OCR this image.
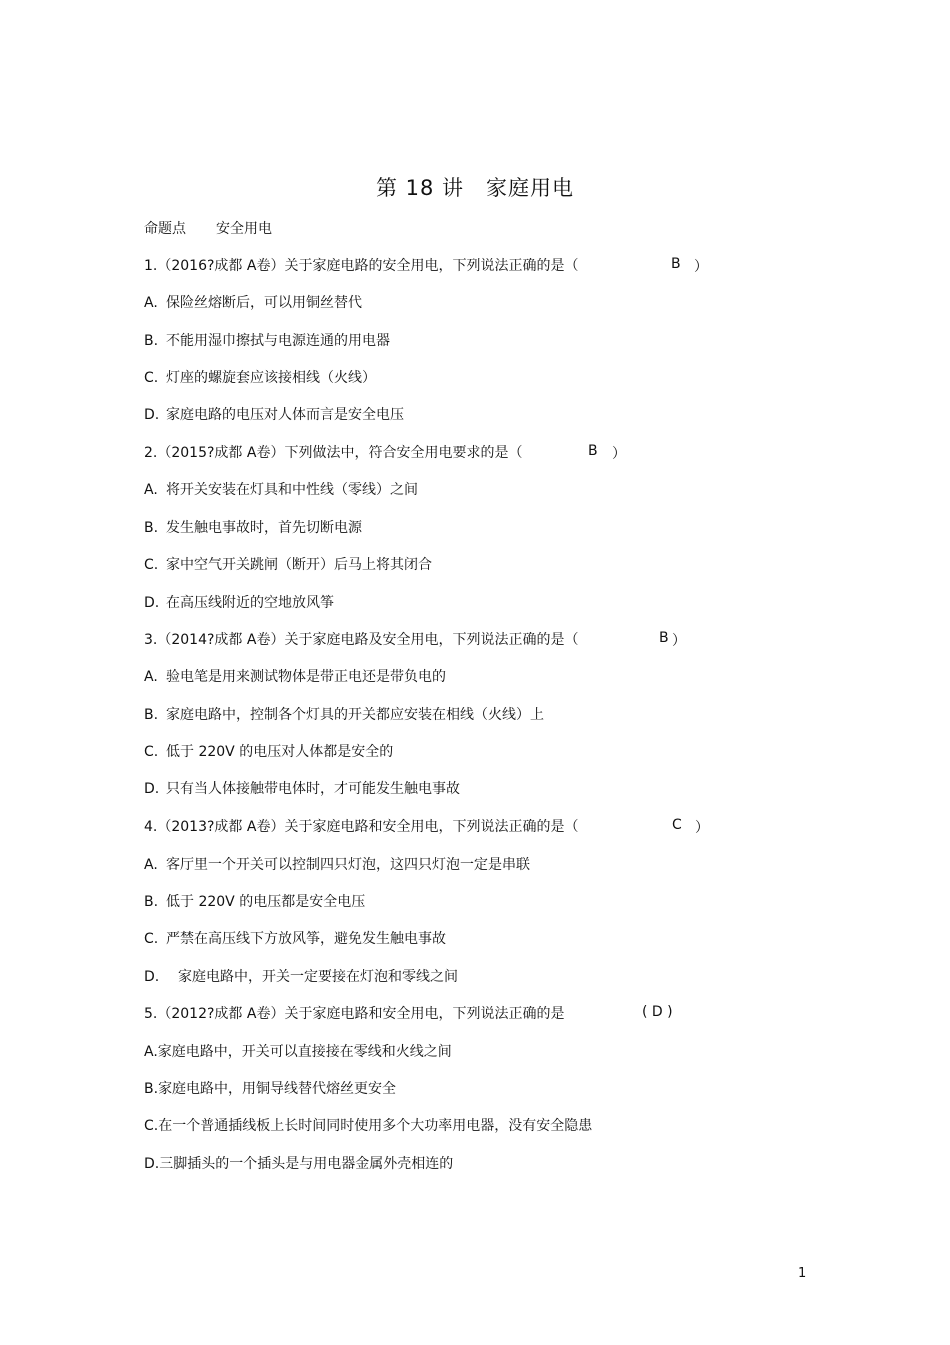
第 18 讲 家庭用电
命题点 安全用电
1.（2016?成都 A卷）关于家庭电路的安全用电，下列说法正确的是（	B ）
A. 保险丝熔断后，可以用铜丝替代
B. 不能用湿巾擦拭与电源连通的用电器
C. 灯座的螺旋套应该接相线（火线）
D. 家庭电路的电压对人体而言是安全电压
2.（2015?成都 A卷）下列做法中，符合安全用电要求的是（	B ）
A. 将开关安装在灯具和中性线（零线）之间
B. 发生触电事故时，首先切断电源
C. 家中空气开关跳闸（断开）后马上将其闭合
D. 在高压线附近的空地放风筝
3.（2014?成都 A卷）关于家庭电路及安全用电，下列说法正确的是（	B ）
A. 验电笔是用来测试物体是带正电还是带负电的
B. 家庭电路中，控制各个灯具的开关都应安装在相线（火线）上
C. 低于 220V 的电压对人体都是安全的
D. 只有当人体接触带电体时，才可能发生触电事故
4.（2013?成都 A卷）关于家庭电路和安全用电，下列说法正确的是（	C ）
A. 客厅里一个开关可以控制四只灯泡，这四只灯泡一定是串联
B. 低于 220V 的电压都是安全电压
C. 严禁在高压线下方放风筝，避免发生触电事故
D. 家庭电路中，开关一定要接在灯泡和零线之间
5.（2012?成都 A卷）关于家庭电路和安全用电，下列说法正确的是	( D )
A.家庭电路中，开关可以直接接在零线和火线之间
B.家庭电路中，用铜导线替代熔丝更安全
C.在一个普通插线板上长时间同时使用多个大功率用电器，没有安全隐患
D.三脚插头的一个插头是与用电器金属外壳相连的
1
